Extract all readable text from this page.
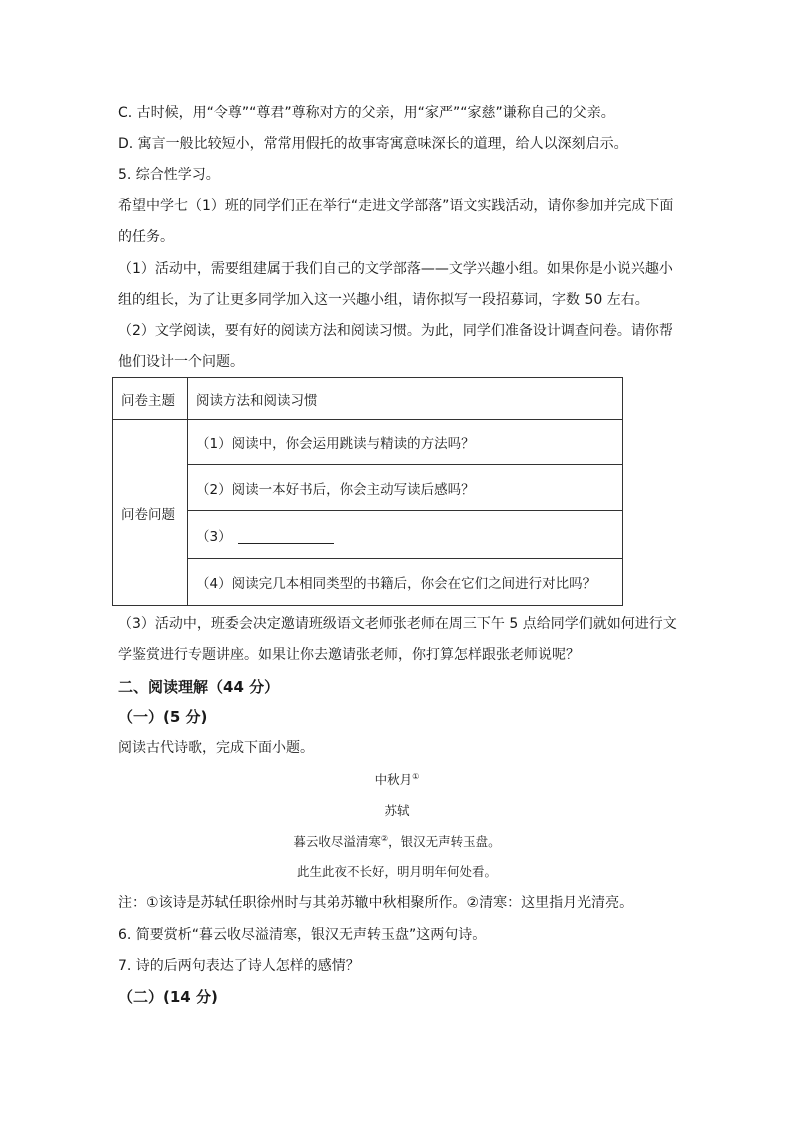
C. 古时候，用“令尊”“尊君”尊称对方的父亲，用“家严”“家慈”谦称自己的父亲。
D. 寓言一般比较短小，常常用假托的故事寄寓意味深长的道理，给人以深刻启示。
5. 综合性学习。
希望中学七（1）班的同学们正在举行“走进文学部落”语文实践活动，请你参加并完成下面
的任务。
（1）活动中，需要组建属于我们自己的文学部落——文学兴趣小组。如果你是小说兴趣小
组的组长，为了让更多同学加入这一兴趣小组，请你拟写一段招募词，字数 50 左右。
（2）文学阅读，要有好的阅读方法和阅读习惯。为此，同学们准备设计调查问卷。请你帮
他们设计一个问题。
问卷主题	阅读方法和阅读习惯
问卷问题	（1）阅读中，你会运用跳读与精读的方法吗？
	（2）阅读一本好书后，你会主动写读后感吗？
	（3）
	（4）阅读完几本相同类型的书籍后，你会在它们之间进行对比吗？
（3）活动中，班委会决定邀请班级语文老师张老师在周三下午 5 点给同学们就如何进行文
学鉴赏进行专题讲座。如果让你去邀请张老师，你打算怎样跟张老师说呢？
二、阅读理解（44 分）
（一）(5 分)
阅读古代诗歌，完成下面小题。
中秋月①
苏轼
暮云收尽溢清寒②，银汉无声转玉盘。
此生此夜不长好，明月明年何处看。
注：①该诗是苏轼任职徐州时与其弟苏辙中秋相聚所作。②清寒：这里指月光清亮。
6. 简要赏析“暮云收尽溢清寒，银汉无声转玉盘”这两句诗。
7. 诗的后两句表达了诗人怎样的感情？
（二）(14 分)
